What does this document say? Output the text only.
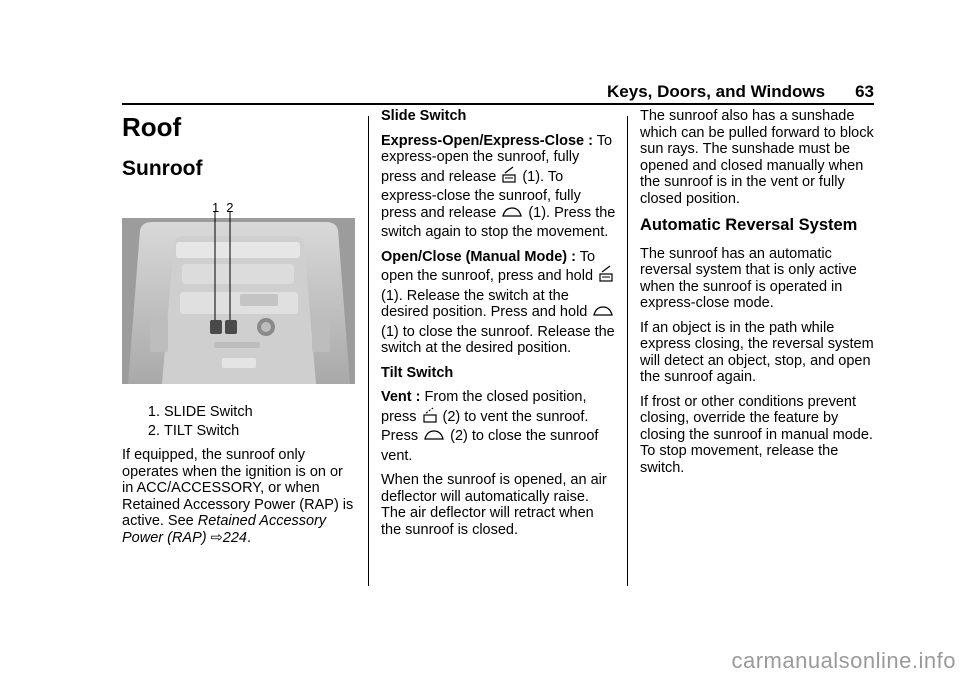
Keys, Doors, and Windows 63
Roof
Sunroof
12
1. SLIDE Switch
2. TILT Switch

If equipped, the sunroof only operates when the ignition is on or in ACC/ACCESSORY, or when Retained Accessory Power (RAP) is active. See Retained Accessory Power (RAP) ⇨224.

Slide Switch

Express-Open/Express-Close : To express-open the sunroof, fully press and release  (1). To express-close the sunroof, fully press and release  (1). Press the switch again to stop the movement.

Open/Close (Manual Mode) : To open the sunroof, press and hold  (1). Release the switch at the desired position. Press and hold  (1) to close the sunroof. Release the switch at the desired position.

Tilt Switch

Vent : From the closed position, press  (2) to vent the sunroof. Press  (2) to close the sunroof vent.

When the sunroof is opened, an air deflector will automatically raise. The air deflector will retract when the sunroof is closed.

The sunroof also has a sunshade which can be pulled forward to block sun rays. The sunshade must be opened and closed manually when the sunroof is in the vent or fully closed position.

Automatic Reversal System

The sunroof has an automatic reversal system that is only active when the sunroof is operated in express-close mode.

If an object is in the path while express closing, the reversal system will detect an object, stop, and open the sunroof again.

If frost or other conditions prevent closing, override the feature by closing the sunroof in manual mode. To stop movement, release the switch.

carmanualsonline.info
